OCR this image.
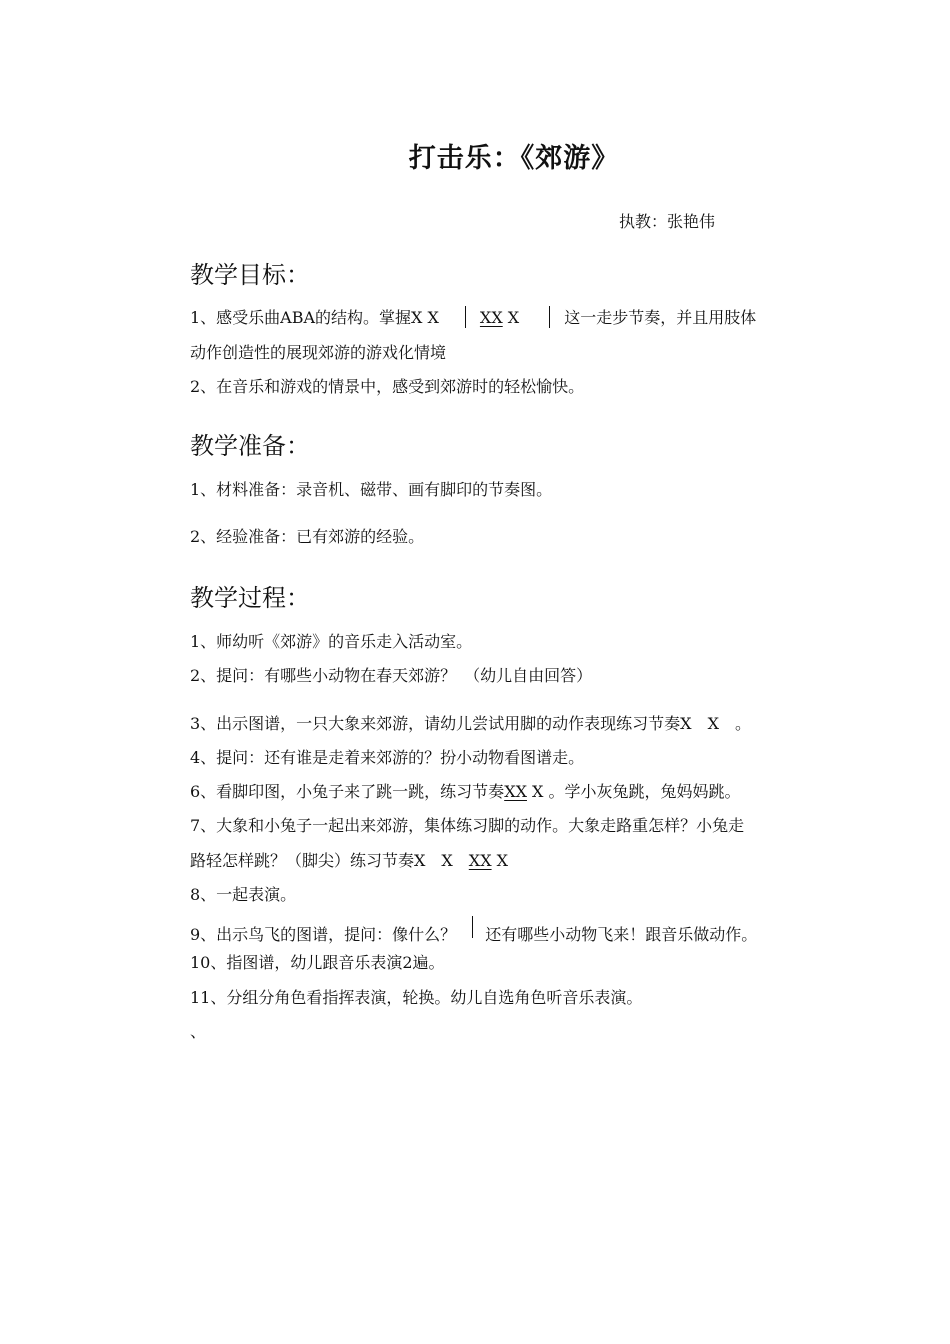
打击乐：《郊游》
执教：张艳伟
教学目标：
1、感受乐曲ABA的结构。掌握X X	XX X	这一走步节奏，并且用肢体
动作创造性的展现郊游的游戏化情境
2、在音乐和游戏的情景中，感受到郊游时的轻松愉快。
教学准备：
1、材料准备：录音机、磁带、画有脚印的节奏图。
2、经验准备：已有郊游的经验。
教学过程：
1、师幼听《郊游》的音乐走入活动室。
2、提问：有哪些小动物在春天郊游？　（幼儿自由回答）
3、出示图谱，一只大象来郊游，请幼儿尝试用脚的动作表现练习节奏X　X　。
4、提问：还有谁是走着来郊游的？扮小动物看图谱走。
6、看脚印图，小兔子来了跳一跳，练习节奏XX X 。学小灰兔跳，兔妈妈跳。
7、大象和小兔子一起出来郊游，集体练习脚的动作。大象走路重怎样？小兔走
路轻怎样跳？（脚尖）练习节奏X　X　XX X
8、一起表演。
9、出示鸟飞的图谱，提问：像什么？ 还有哪些小动物飞来！跟音乐做动作。
10、指图谱，幼儿跟音乐表演2遍。
11、分组分角色看指挥表演，轮换。幼儿自选角色听音乐表演。
、
